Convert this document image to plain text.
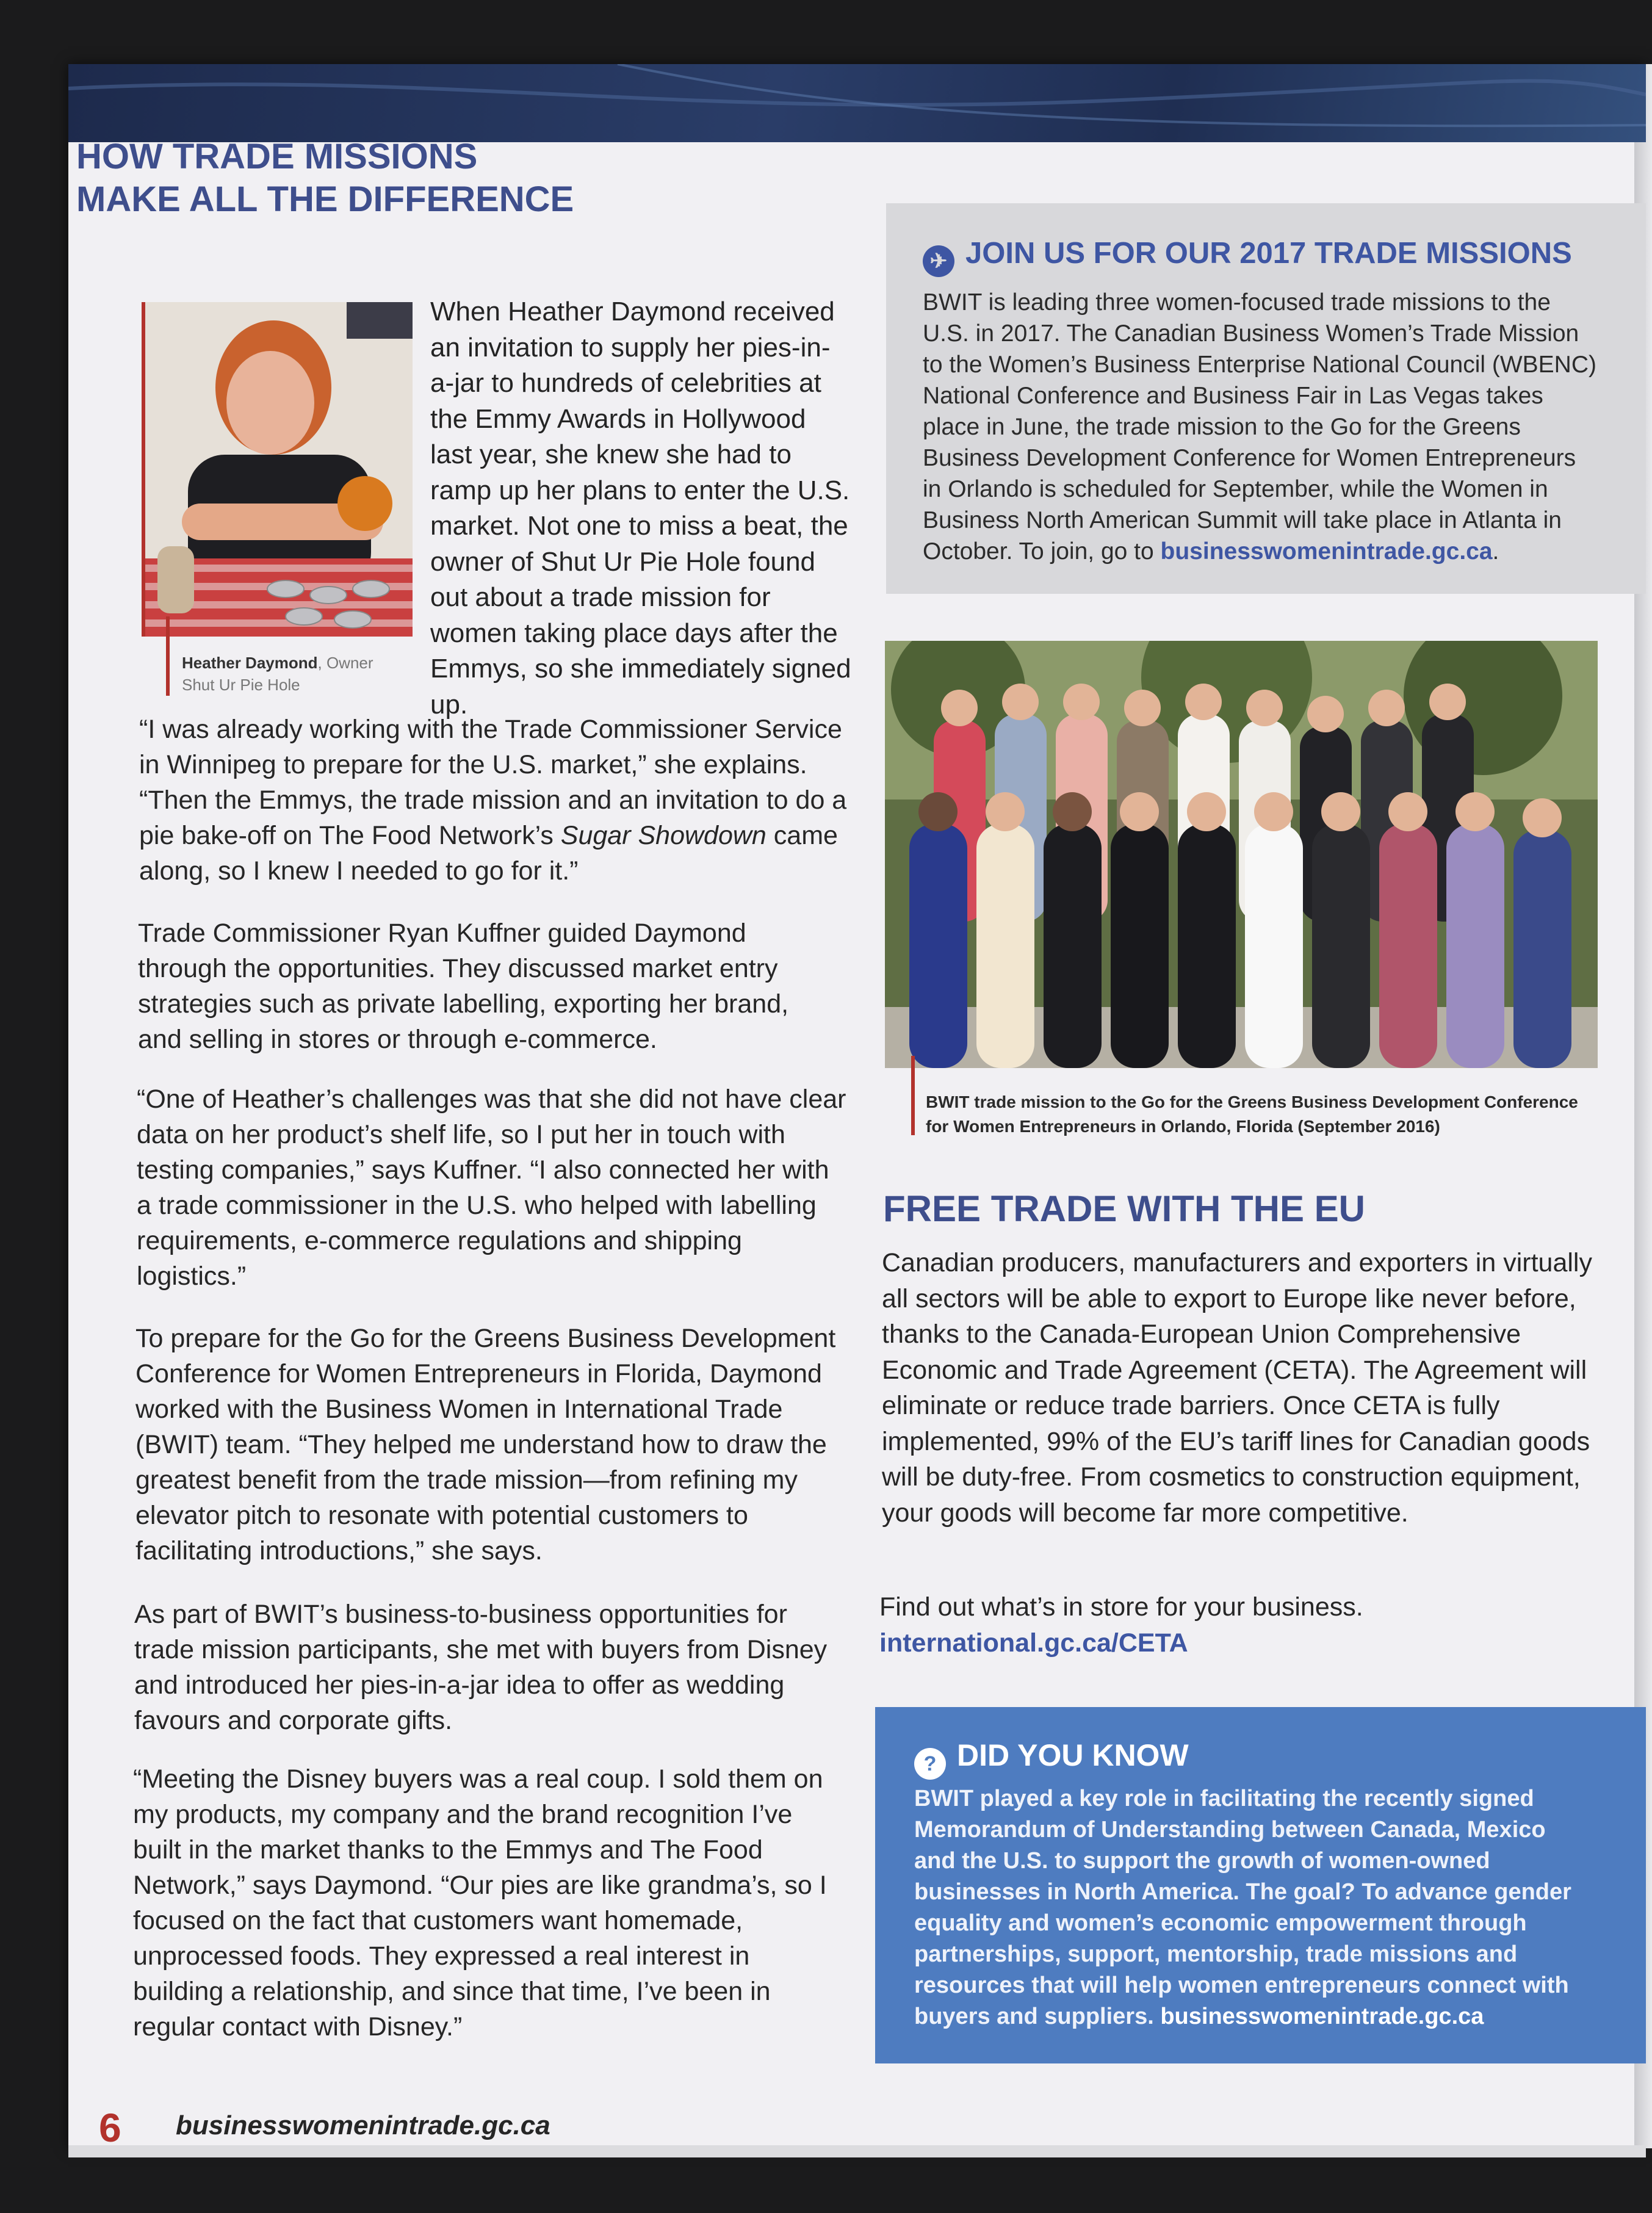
HOW TRADE MISSIONS
MAKE ALL THE DIFFERENCE
Heather Daymond, Owner
Shut Ur Pie Hole

When Heather Daymond received an invitation to supply her pies-in-a-jar to hundreds of celebrities at the Emmy Awards in Hollywood last year, she knew she had to ramp up her plans to enter the U.S. market. Not one to miss a beat, the owner of Shut Ur Pie Hole found out about a trade mission for women taking place days after the Emmys, so she immediately signed up.

“I was already working with the Trade Commissioner Service in Winnipeg to prepare for the U.S. market,” she explains. “Then the Emmys, the trade mission and an invitation to do a pie bake-off on The Food Network’s Sugar Showdown came along, so I knew I needed to go for it.”

Trade Commissioner Ryan Kuffner guided Daymond through the opportunities. They discussed market entry strategies such as private labelling, exporting her brand, and selling in stores or through e-commerce.

“One of Heather’s challenges was that she did not have clear data on her product’s shelf life, so I put her in touch with testing companies,” says Kuffner. “I also connected her with a trade commissioner in the U.S. who helped with labelling requirements, e-commerce regulations and shipping logistics.”

To prepare for the Go for the Greens Business Development Conference for Women Entrepreneurs in Florida, Daymond worked with the Business Women in International Trade (BWIT) team. “They helped me understand how to draw the greatest benefit from the trade mission—from refining my elevator pitch to resonate with potential customers to facilitating introductions,” she says.

As part of BWIT’s business-to-business opportunities for trade mission participants, she met with buyers from Disney and introduced her pies-in-a-jar idea to offer as wedding favours and corporate gifts.

“Meeting the Disney buyers was a real coup. I sold them on my products, my company and the brand recognition I’ve built in the market thanks to the Emmys and The Food Network,” says Daymond. “Our pies are like grandma’s, so I focused on the fact that customers want homemade, unprocessed foods. They expressed a real interest in building a relationship, and since that time, I’ve been in regular contact with Disney.”

6 businesswomenintrade.gc.ca
✈ JOIN US FOR OUR 2017 TRADE MISSIONS

BWIT is leading three women-focused trade missions to the U.S. in 2017. The Canadian Business Women’s Trade Mission to the Women’s Business Enterprise National Council (WBENC) National Conference and Business Fair in Las Vegas takes place in June, the trade mission to the Go for the Greens Business Development Conference for Women Entrepreneurs in Orlando is scheduled for September, while the Women in Business North American Summit will take place in Atlanta in October. To join, go to businesswomenintrade.gc.ca.

BWIT trade mission to the Go for the Greens Business Development Conference for Women Entrepreneurs in Orlando, Florida (September 2016)
FREE TRADE WITH THE EU

Canadian producers, manufacturers and exporters in virtually all sectors will be able to export to Europe like never before, thanks to the Canada-European Union Comprehensive Economic and Trade Agreement (CETA). The Agreement will eliminate or reduce trade barriers. Once CETA is fully implemented, 99% of the EU’s tariff lines for Canadian goods will be duty-free. From cosmetics to construction equipment, your goods will become far more competitive.

Find out what’s in store for your business.
international.gc.ca/CETA

? DID YOU KNOW

BWIT played a key role in facilitating the recently signed Memorandum of Understanding between Canada, Mexico and the U.S. to support the growth of women-owned businesses in North America. The goal? To advance gender equality and women’s economic empowerment through partnerships, support, mentorship, trade missions and resources that will help women entrepreneurs connect with buyers and suppliers. businesswomenintrade.gc.ca
